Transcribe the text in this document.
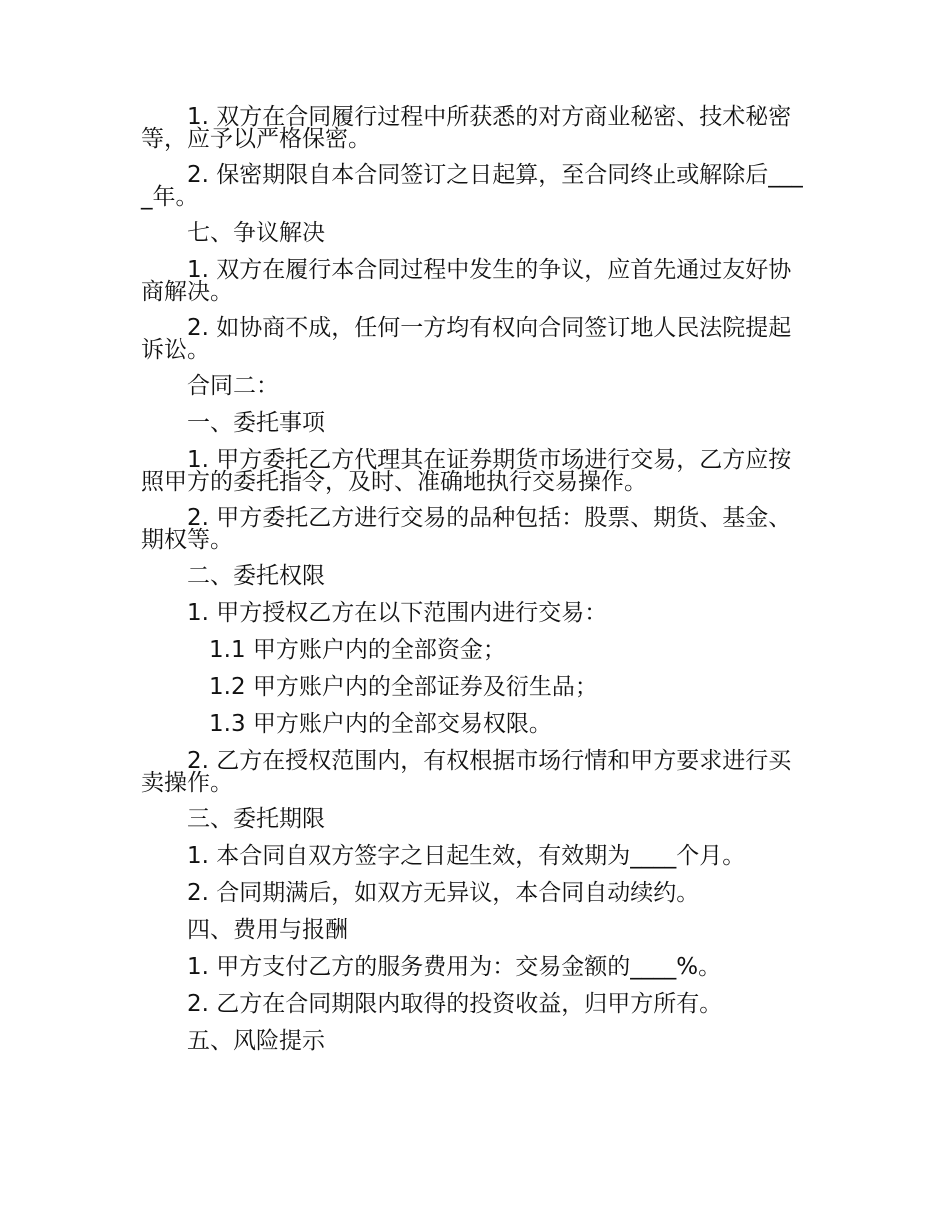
1. 双方在合同履行过程中所获悉的对方商业秘密、技术秘密等，应予以严格保密。

2. 保密期限自本合同签订之日起算，至合同终止或解除后____年。

七、争议解决

1. 双方在履行本合同过程中发生的争议，应首先通过友好协商解决。

2. 如协商不成，任何一方均有权向合同签订地人民法院提起诉讼。

合同二：

一、委托事项

1. 甲方委托乙方代理其在证券期货市场进行交易，乙方应按照甲方的委托指令，及时、准确地执行交易操作。

2. 甲方委托乙方进行交易的品种包括：股票、期货、基金、期权等。

二、委托权限

1. 甲方授权乙方在以下范围内进行交易：

1.1 甲方账户内的全部资金；

1.2 甲方账户内的全部证券及衍生品；

1.3 甲方账户内的全部交易权限。

2. 乙方在授权范围内，有权根据市场行情和甲方要求进行买卖操作。

三、委托期限

1. 本合同自双方签字之日起生效，有效期为____个月。

2. 合同期满后，如双方无异议，本合同自动续约。

四、费用与报酬

1. 甲方支付乙方的服务费用为：交易金额的____%。

2. 乙方在合同期限内取得的投资收益，归甲方所有。

五、风险提示
